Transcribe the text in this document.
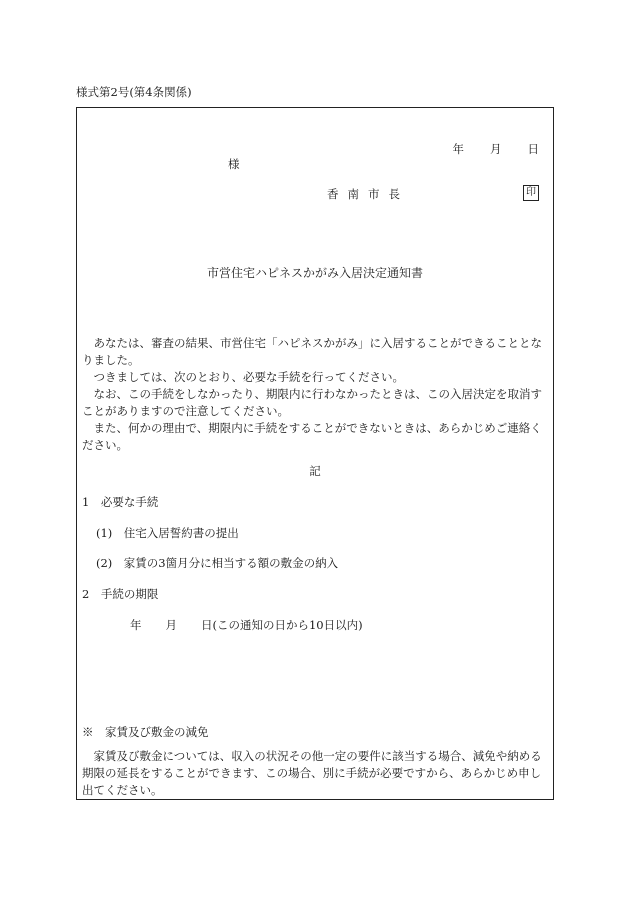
様式第2号(第4条関係)
年 月 日
様
香南市長	印
市営住宅ハピネスかがみ入居決定通知書

あなたは、審査の結果、市営住宅「ハピネスかがみ」に入居することができることとなりました。

つきましては、次のとおり、必要な手続を行ってください。

なお、この手続をしなかったり、期限内に行わなかったときは、この入居決定を取消すことがありますので注意してください。

また、何かの理由で、期限内に手続をすることができないときは、あらかじめご連絡ください。

記
1　必要な手続
(1)　住宅入居誓約書の提出
(2)　家賃の3箇月分に相当する額の敷金の納入
2　手続の期限
年 月 日(この通知の日から10日以内)
※　家賃及び敷金の減免

家賃及び敷金については、収入の状況その他一定の要件に該当する場合、減免や納める期限の延長をすることができます、この場合、別に手続が必要ですから、あらかじめ申し出てください。
